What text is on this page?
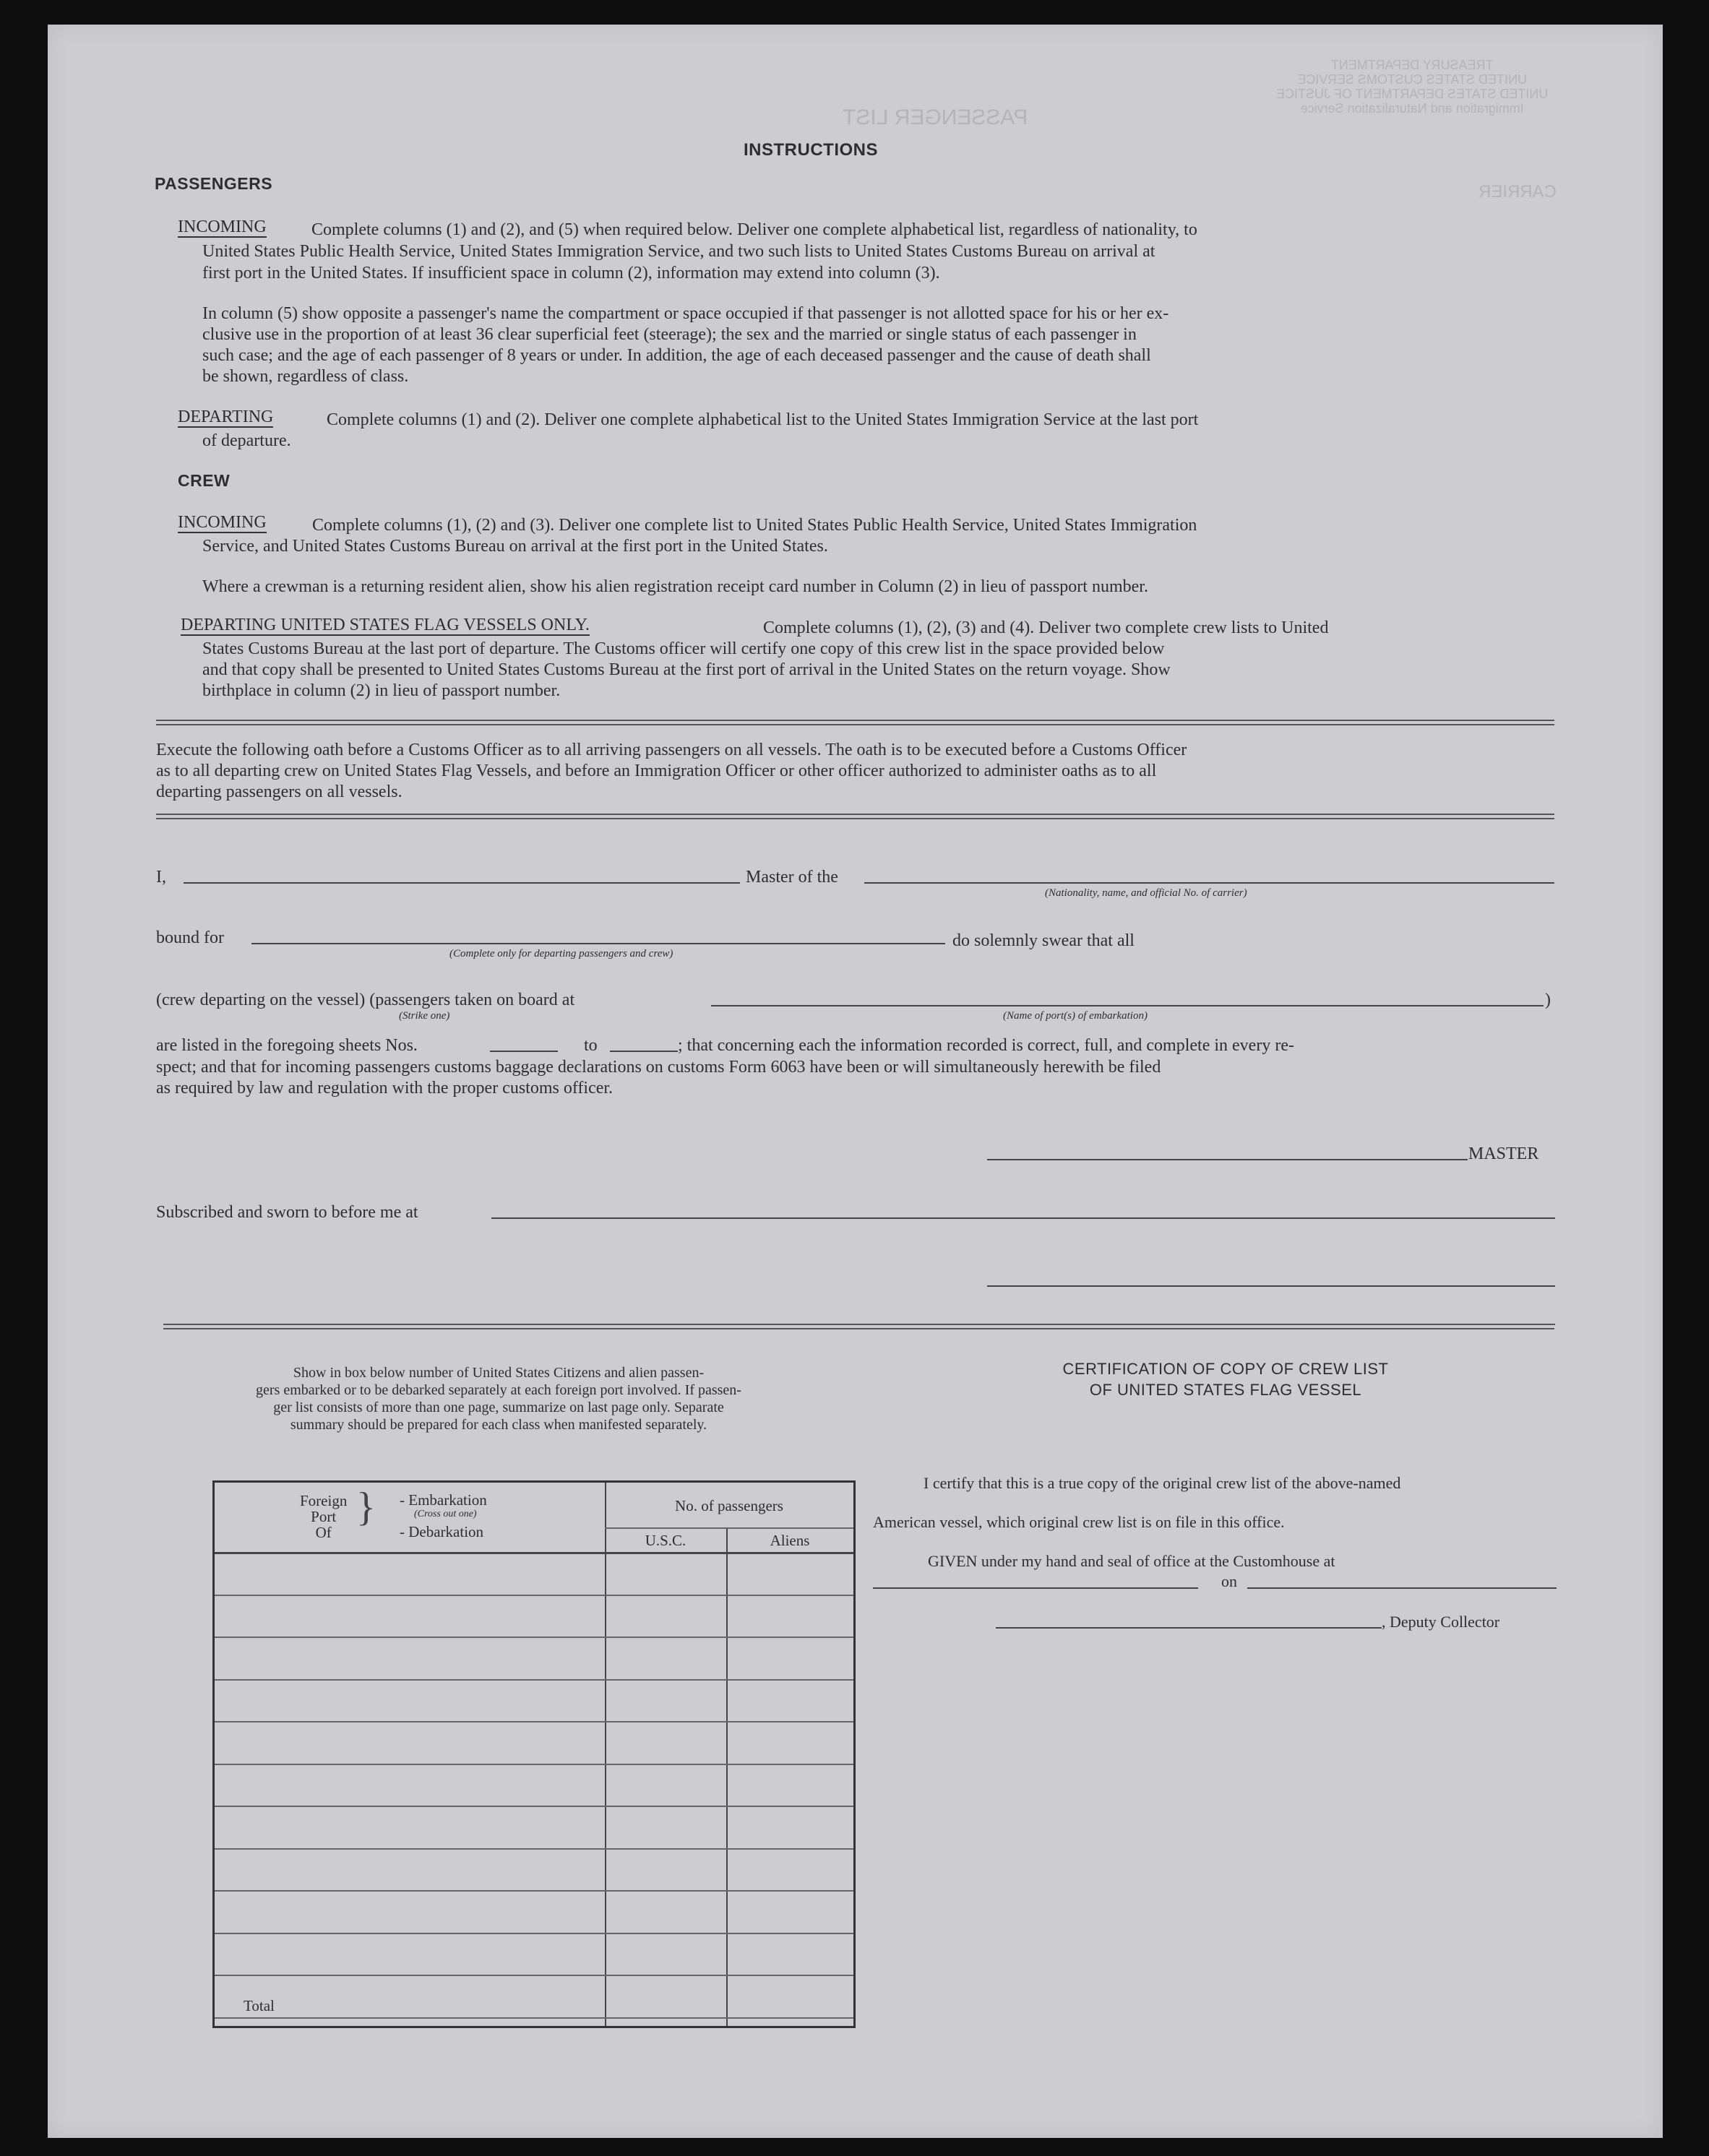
TREASURY DEPARTMENT
UNITED STATES CUSTOMS SERVICE
UNITED STATES DEPARTMENT OF JUSTICE
Immigration and Naturalization Service
PASSENGER LIST
CARRIER
INSTRUCTIONS
PASSENGERS
INCOMING	Complete columns (1) and (2), and (5) when required below. Deliver one complete alphabetical list, regardless of nationality, to
United States Public Health Service, United States Immigration Service, and two such lists to United States Customs Bureau on arrival at
first port in the United States. If insufficient space in column (2), information may extend into column (3).
In column (5) show opposite a passenger's name the compartment or space occupied if that passenger is not allotted space for his or her ex-
clusive use in the proportion of at least 36 clear superficial feet (steerage); the sex and the married or single status of each passenger in
such case; and the age of each passenger of 8 years or under. In addition, the age of each deceased passenger and the cause of death shall
be shown, regardless of class.
DEPARTING	Complete columns (1) and (2). Deliver one complete alphabetical list to the United States Immigration Service at the last port
of departure.
CREW
INCOMING	Complete columns (1), (2) and (3). Deliver one complete list to United States Public Health Service, United States Immigration
Service, and United States Customs Bureau on arrival at the first port in the United States.
Where a crewman is a returning resident alien, show his alien registration receipt card number in Column (2) in lieu of passport number.
DEPARTING UNITED STATES FLAG VESSELS ONLY.	Complete columns (1), (2), (3) and (4). Deliver two complete crew lists to United
States Customs Bureau at the last port of departure. The Customs officer will certify one copy of this crew list in the space provided below
and that copy shall be presented to United States Customs Bureau at the first port of arrival in the United States on the return voyage. Show
birthplace in column (2) in lieu of passport number.
Execute the following oath before a Customs Officer as to all arriving passengers on all vessels. The oath is to be executed before a Customs Officer
as to all departing crew on United States Flag Vessels, and before an Immigration Officer or other officer authorized to administer oaths as to all
departing passengers on all vessels.
I,	Master of the
(Nationality, name, and official No. of carrier)
bound for
(Complete only for departing passengers and crew)
do solemnly swear that all
(crew departing on the vessel) (passengers taken on board at	)
(Strike one)	(Name of port(s) of embarkation)
are listed in the foregoing sheets Nos.	to	; that concerning each the information recorded is correct, full, and complete in every re-
spect; and that for incoming passengers customs baggage declarations on customs Form 6063 have been or will simultaneously herewith be filed
as required by law and regulation with the proper customs officer.
MASTER
Subscribed and sworn to before me at
Show in box below number of United States Citizens and alien passen-
gers embarked or to be debarked separately at each foreign port involved. If passen-
ger list consists of more than one page, summarize on last page only. Separate
summary should be prepared for each class when manifested separately.
Foreign
Port
Of
} - Embarkation
(Cross out one)
- Debarkation
No. of passengers
U.S.C.	Aliens
Total
CERTIFICATION OF COPY OF CREW LIST
OF UNITED STATES FLAG VESSEL
I certify that this is a true copy of the original crew list of the above-named
American vessel, which original crew list is on file in this office.
GIVEN under my hand and seal of office at the Customhouse at
on
, Deputy Collector
